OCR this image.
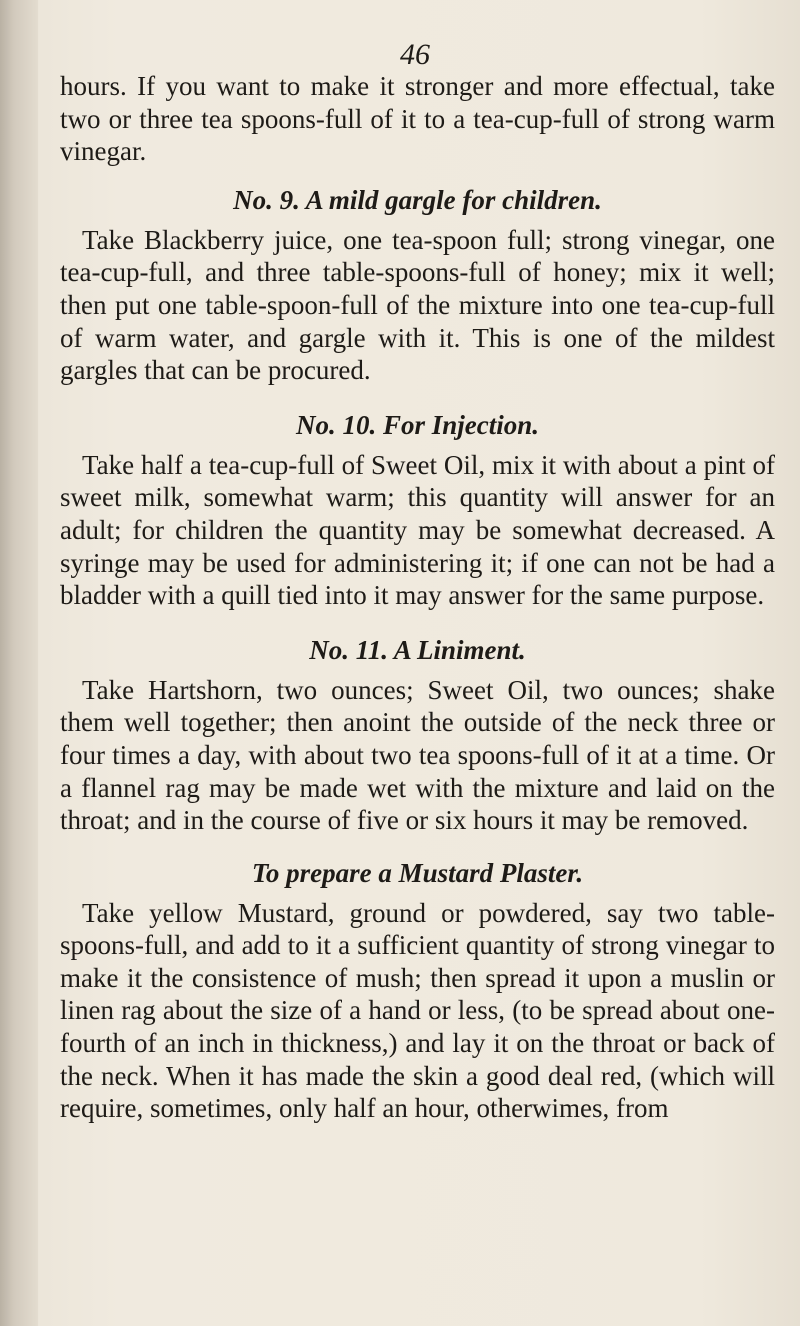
46

hours. If you want to make it stronger and more effectual, take two or three tea spoons-full of it to a tea-cup-full of strong warm vinegar.

No. 9. A mild gargle for children.

Take Blackberry juice, one tea-spoon full; strong vinegar, one tea-cup-full, and three table-spoons-full of honey; mix it well; then put one table-spoon-full of the mixture into one tea-cup-full of warm water, and gargle with it. This is one of the mildest gargles that can be procured.

No. 10. For Injection.

Take half a tea-cup-full of Sweet Oil, mix it with about a pint of sweet milk, somewhat warm; this quantity will answer for an adult; for children the quantity may be somewhat decreased. A syringe may be used for administering it; if one can not be had a bladder with a quill tied into it may answer for the same purpose.

No. 11. A Liniment.

Take Hartshorn, two ounces; Sweet Oil, two ounces; shake them well together; then anoint the outside of the neck three or four times a day, with about two tea spoons-full of it at a time. Or a flannel rag may be made wet with the mixture and laid on the throat; and in the course of five or six hours it may be removed.

To prepare a Mustard Plaster.

Take yellow Mustard, ground or powdered, say two table-spoons-full, and add to it a sufficient quantity of strong vinegar to make it the consistence of mush; then spread it upon a muslin or linen rag about the size of a hand or less, (to be spread about one-fourth of an inch in thickness,) and lay it on the throat or back of the neck. When it has made the skin a good deal red, (which will require, sometimes, only half an hour, otherwimes, from
